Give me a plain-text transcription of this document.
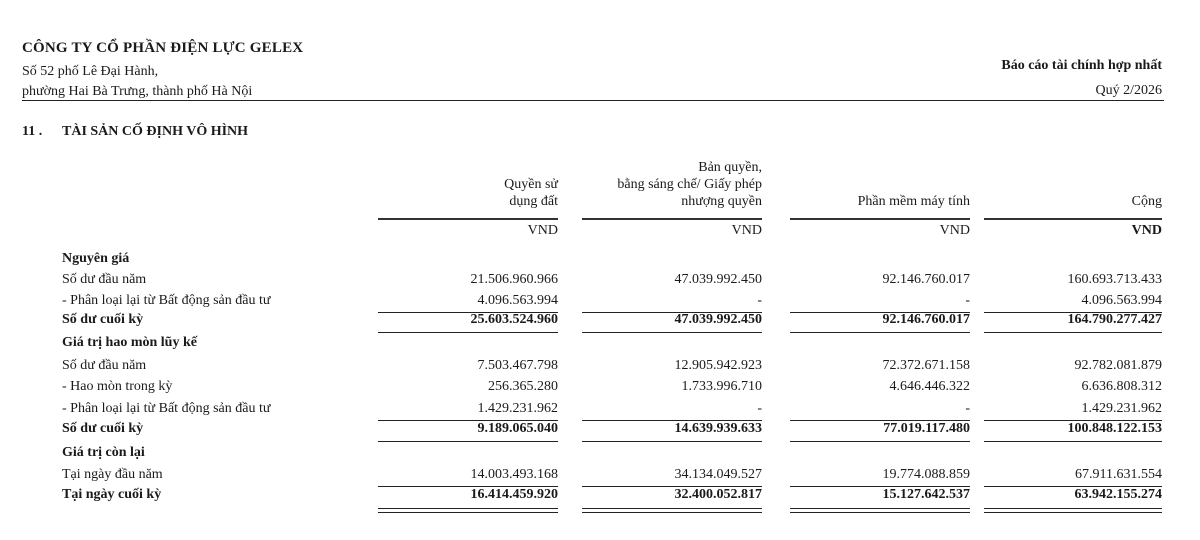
CÔNG TY CỔ PHẦN ĐIỆN LỰC GELEX
Số 52 phố Lê Đại Hành,
phường Hai Bà Trưng, thành phố Hà Nội
Báo cáo tài chính hợp nhất
Quý 2/2026
11 . TÀI SẢN CỐ ĐỊNH VÔ HÌNH
Quyền sử
dụng đất
VND
Bản quyền,
bằng sáng chế/ Giấy phép
nhượng quyền
VND
Phần mềm máy tính
VND
Cộng
VND
Nguyên giá
Số dư đầu năm	21.506.960.966	47.039.992.450	92.146.760.017	160.693.713.433
- Phân loại lại từ Bất động sản đầu tư	4.096.563.994	-	-	4.096.563.994
Số dư cuối kỳ	25.603.524.960	47.039.992.450	92.146.760.017	164.790.277.427
Giá trị hao mòn lũy kế
Số dư đầu năm	7.503.467.798	12.905.942.923	72.372.671.158	92.782.081.879
- Hao mòn trong kỳ	256.365.280	1.733.996.710	4.646.446.322	6.636.808.312
- Phân loại lại từ Bất động sản đầu tư	1.429.231.962	-	-	1.429.231.962
Số dư cuối kỳ	9.189.065.040	14.639.939.633	77.019.117.480	100.848.122.153
Giá trị còn lại
Tại ngày đầu năm	14.003.493.168	34.134.049.527	19.774.088.859	67.911.631.554
Tại ngày cuối kỳ	16.414.459.920	32.400.052.817	15.127.642.537	63.942.155.274
